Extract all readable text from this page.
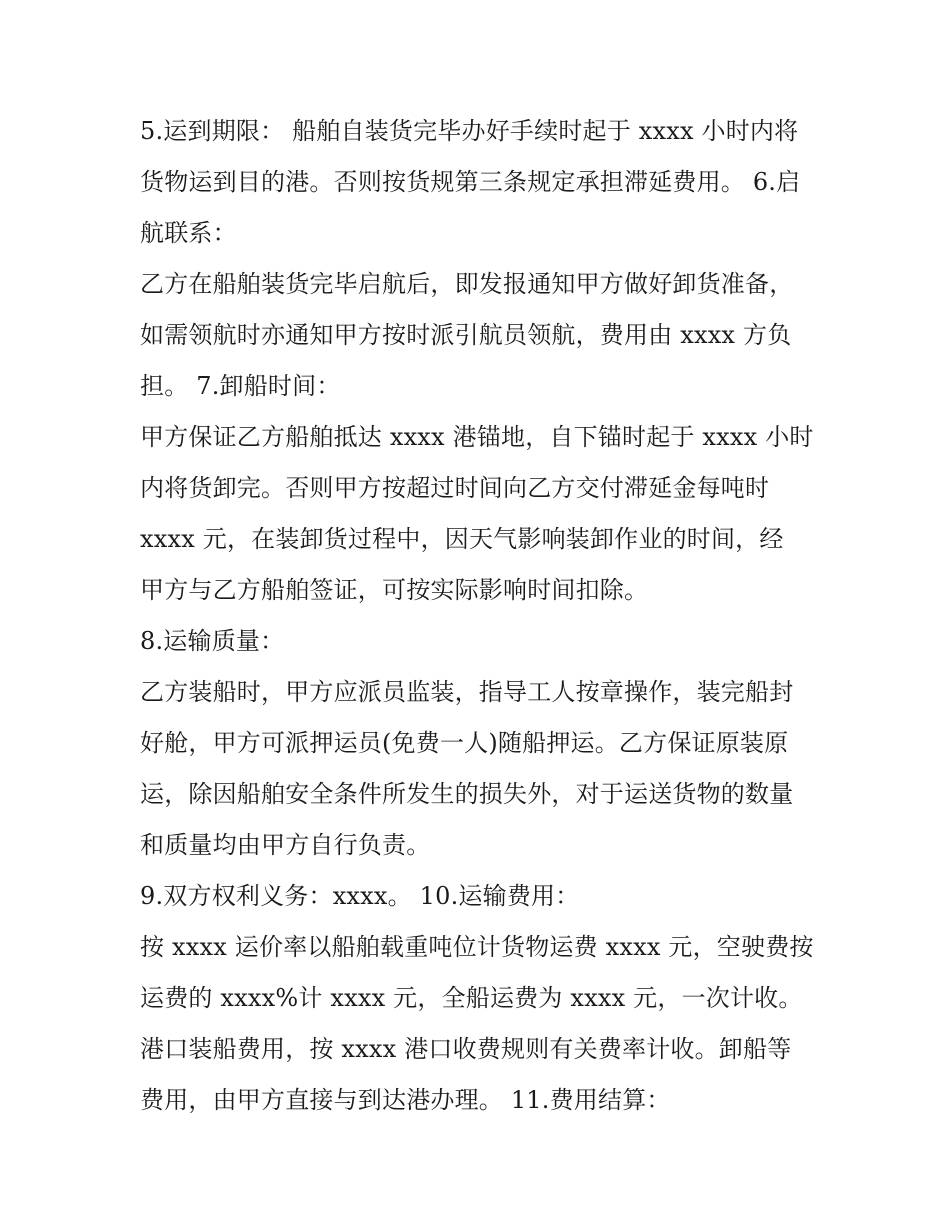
5.运到期限： 船舶自装货完毕办好手续时起于 xxxx 小时内将
货物运到目的港。否则按货规第三条规定承担滞延费用。 6.启
航联系：
乙方在船舶装货完毕启航后，即发报通知甲方做好卸货准备，
如需领航时亦通知甲方按时派引航员领航，费用由 xxxx 方负
担。 7.卸船时间：
甲方保证乙方船舶抵达 xxxx 港锚地，自下锚时起于 xxxx 小时
内将货卸完。否则甲方按超过时间向乙方交付滞延金每吨时
xxxx 元，在装卸货过程中，因天气影响装卸作业的时间，经
甲方与乙方船舶签证，可按实际影响时间扣除。
8.运输质量：
乙方装船时，甲方应派员监装，指导工人按章操作，装完船封
好舱，甲方可派押运员(免费一人)随船押运。乙方保证原装原
运，除因船舶安全条件所发生的损失外，对于运送货物的数量
和质量均由甲方自行负责。
9.双方权利义务：xxxx。 10.运输费用：
按 xxxx 运价率以船舶载重吨位计货物运费 xxxx 元，空驶费按
运费的 xxxx%计 xxxx 元，全船运费为 xxxx 元，一次计收。
港口装船费用，按 xxxx 港口收费规则有关费率计收。卸船等
费用，由甲方直接与到达港办理。 11.费用结算：
